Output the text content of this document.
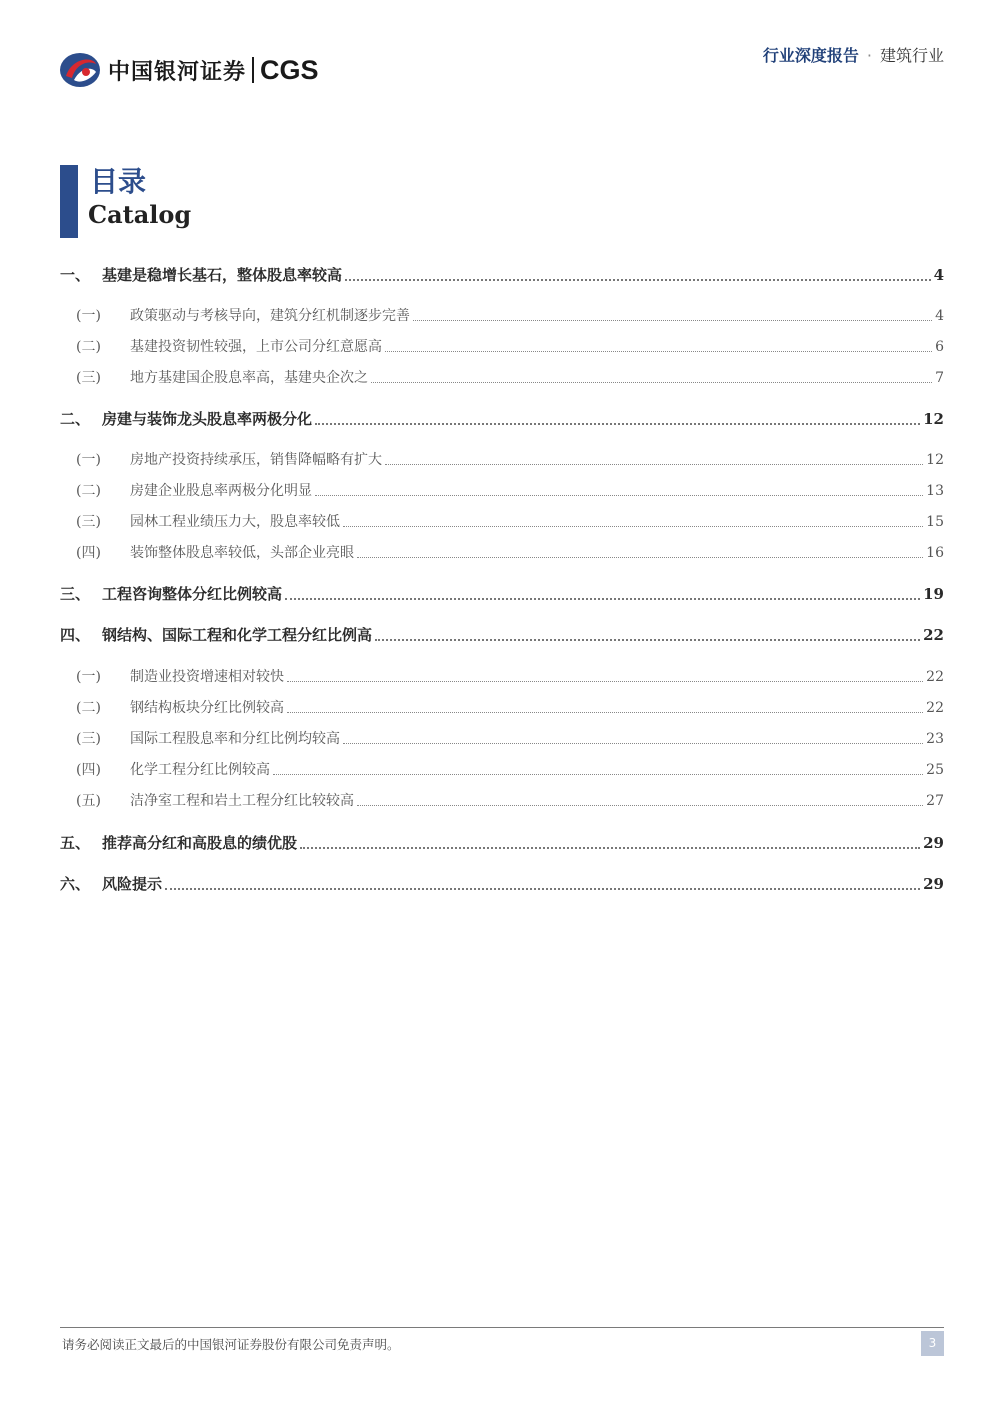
中国银河证券 CGS	行业深度报告 · 建筑行业
目录
Catalog
一、 基建是稳增长基石，整体股息率较高	4
(一)	政策驱动与考核导向，建筑分红机制逐步完善	4
(二)	基建投资韧性较强，上市公司分红意愿高	6
(三)	地方基建国企股息率高，基建央企次之	7
二、 房建与装饰龙头股息率两极分化	12
(一)	房地产投资持续承压，销售降幅略有扩大	12
(二)	房建企业股息率两极分化明显	13
(三)	园林工程业绩压力大，股息率较低	15
(四)	装饰整体股息率较低，头部企业亮眼	16
三、 工程咨询整体分红比例较高	19
四、 钢结构、国际工程和化学工程分红比例高	22
(一)	制造业投资增速相对较快	22
(二)	钢结构板块分红比例较高	22
(三)	国际工程股息率和分红比例均较高	23
(四)	化学工程分红比例较高	25
(五)	洁净室工程和岩土工程分红比较较高	27
五、 推荐高分红和高股息的绩优股	29
六、 风险提示	29
请务必阅读正文最后的中国银河证券股份有限公司免责声明。	3
